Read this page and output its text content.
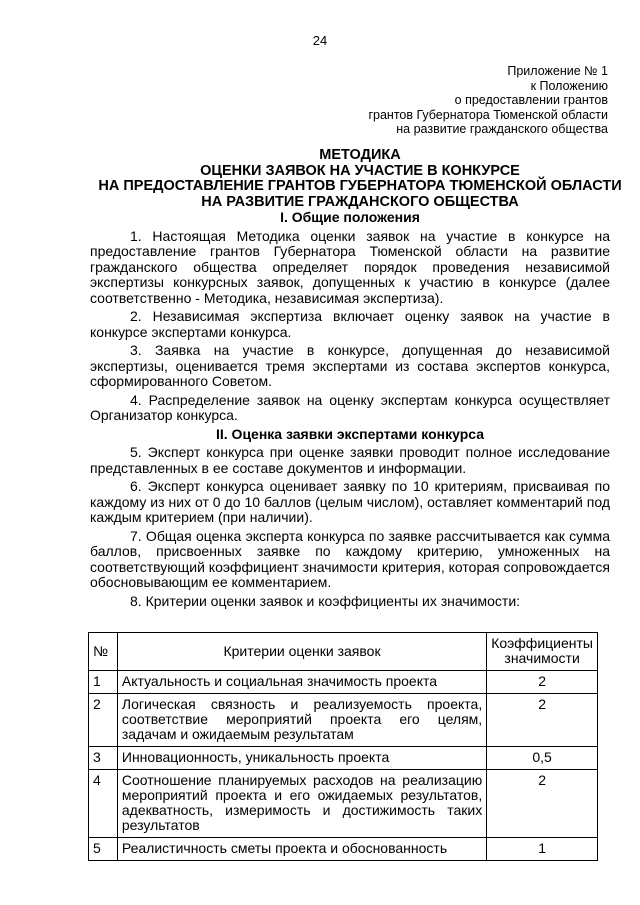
24
Приложение № 1
к Положению
о предоставлении грантов
грантов Губернатора Тюменской области
на развитие гражданского общества
МЕТОДИКА
ОЦЕНКИ ЗАЯВОК НА УЧАСТИЕ В КОНКУРСЕ
НА ПРЕДОСТАВЛЕНИЕ ГРАНТОВ ГУБЕРНАТОРА ТЮМЕНСКОЙ ОБЛАСТИ
НА РАЗВИТИЕ ГРАЖДАНСКОГО ОБЩЕСТВА
I. Общие положения

1. Настоящая Методика оценки заявок на участие в конкурсе на предоставление грантов Губернатора Тюменской области на развитие гражданского общества определяет порядок проведения независимой экспертизы конкурсных заявок, допущенных к участию в конкурсе (далее соответственно - Методика, независимая экспертиза).

2. Независимая экспертиза включает оценку заявок на участие в конкурсе экспертами конкурса.

3. Заявка на участие в конкурсе, допущенная до независимой экспертизы, оценивается тремя экспертами из состава экспертов конкурса, сформированного Советом.

4. Распределение заявок на оценку экспертам конкурса осуществляет Организатор конкурса.

II. Оценка заявки экспертами конкурса

5. Эксперт конкурса при оценке заявки проводит полное исследование представленных в ее составе документов и информации.

6. Эксперт конкурса оценивает заявку по 10 критериям, присваивая по каждому из них от 0 до 10 баллов (целым числом), оставляет комментарий под каждым критерием (при наличии).

7. Общая оценка эксперта конкурса по заявке рассчитывается как сумма баллов, присвоенных заявке по каждому критерию, умноженных на соответствующий коэффициент значимости критерия, которая сопровождается обосновывающим ее комментарием.

8. Критерии оценки заявок и коэффициенты их значимости:

№	Критерии оценки заявок	Коэффициенты значимости
1	Актуальность и социальная значимость проекта	2
2	Логическая связность и реализуемость проекта, соответствие мероприятий проекта его целям, задачам и ожидаемым результатам	2
3	Инновационность, уникальность проекта	0,5
4	Соотношение планируемых расходов на реализацию мероприятий проекта и его ожидаемых результатов, адекватность, измеримость и достижимость таких результатов	2
5	Реалистичность сметы проекта и обоснованность	1
